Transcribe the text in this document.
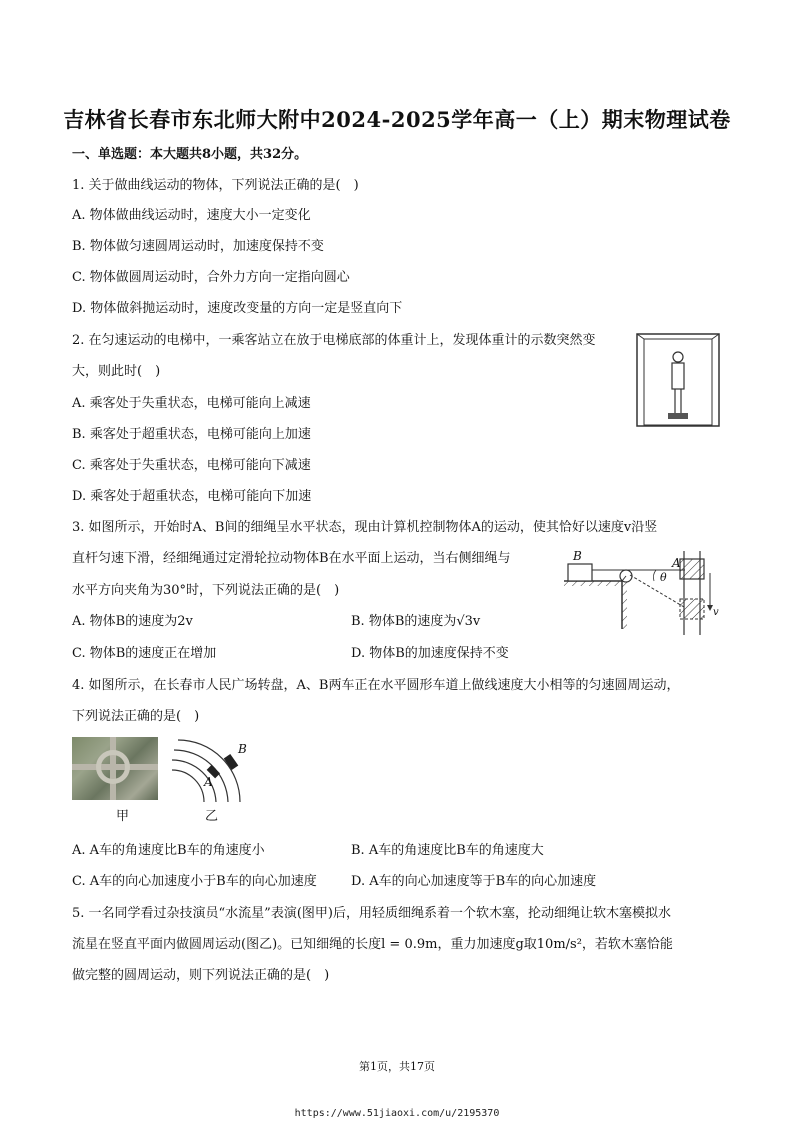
吉林省长春市东北师大附中2024-2025学年高一（上）期末物理试卷
一、单选题：本大题共8小题，共32分。
1. 关于做曲线运动的物体，下列说法正确的是(　)
A. 物体做曲线运动时，速度大小一定变化
B. 物体做匀速圆周运动时，加速度保持不变
C. 物体做圆周运动时，合外力方向一定指向圆心
D. 物体做斜抛运动时，速度改变量的方向一定是竖直向下
2. 在匀速运动的电梯中，一乘客站立在放于电梯底部的体重计上，发现体重计的示数突然变
大，则此时(　)
A. 乘客处于失重状态，电梯可能向上减速
B. 乘客处于超重状态，电梯可能向上加速
C. 乘客处于失重状态，电梯可能向下减速
D. 乘客处于超重状态，电梯可能向下加速
3. 如图所示，开始时A、B间的细绳呈水平状态，现由计算机控制物体A的运动，使其恰好以速度v沿竖
直杆匀速下滑，经细绳通过定滑轮拉动物体B在水平面上运动，当右侧细绳与
水平方向夹角为30°时，下列说法正确的是(　)
A. 物体B的速度为2v	B. 物体B的速度为√3v
C. 物体B的速度正在增加	D. 物体B的加速度保持不变
B
θ
A
v
4. 如图所示，在长春市人民广场转盘，A、B两车正在水平圆形车道上做线速度大小相等的匀速圆周运动，
下列说法正确的是(　)
甲
B
A
乙
A. A车的角速度比B车的角速度小	B. A车的角速度比B车的角速度大
C. A车的向心加速度小于B车的向心加速度	D. A车的向心加速度等于B车的向心加速度
5. 一名同学看过杂技演员“水流星”表演(图甲)后，用轻质细绳系着一个软木塞，抡动细绳让软木塞模拟水
流星在竖直平面内做圆周运动(图乙)。已知细绳的长度l = 0.9m，重力加速度g取10m/s²，若软木塞恰能
做完整的圆周运动，则下列说法正确的是(　)
第1页，共17页
https://www.51jiaoxi.com/u/2195370
